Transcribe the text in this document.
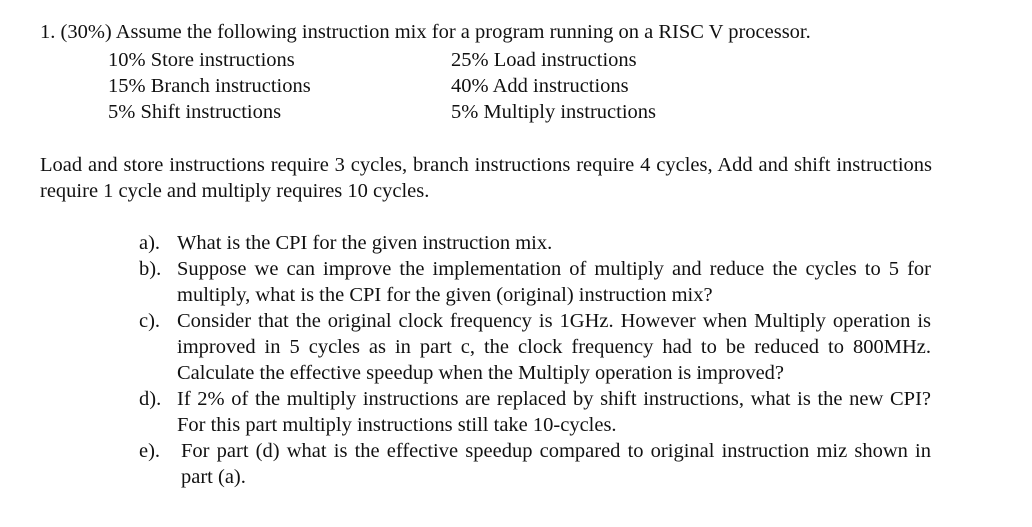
1. (30%) Assume the following instruction mix for a program running on a RISC V processor.
10% Store instructions	25% Load instructions
15% Branch instructions	40% Add instructions
5% Shift instructions	5% Multiply instructions
Load and store instructions require 3 cycles, branch instructions require 4 cycles, Add and shift instructions require 1 cycle and multiply requires 10 cycles.
a). What is the CPI for the given instruction mix.
b). Suppose we can improve the implementation of multiply and reduce the cycles to 5 for multiply, what is the CPI for the given (original) instruction mix?
c). Consider that the original clock frequency is 1GHz. However when Multiply operation is improved in 5 cycles as in part c, the clock frequency had to be reduced to 800MHz. Calculate the effective speedup when the Multiply operation is improved?
d). If 2% of the multiply instructions are replaced by shift instructions, what is the new CPI? For this part multiply instructions still take 10-cycles.
e).	For part (d) what is the effective speedup compared to original instruction miz shown in part (a).
